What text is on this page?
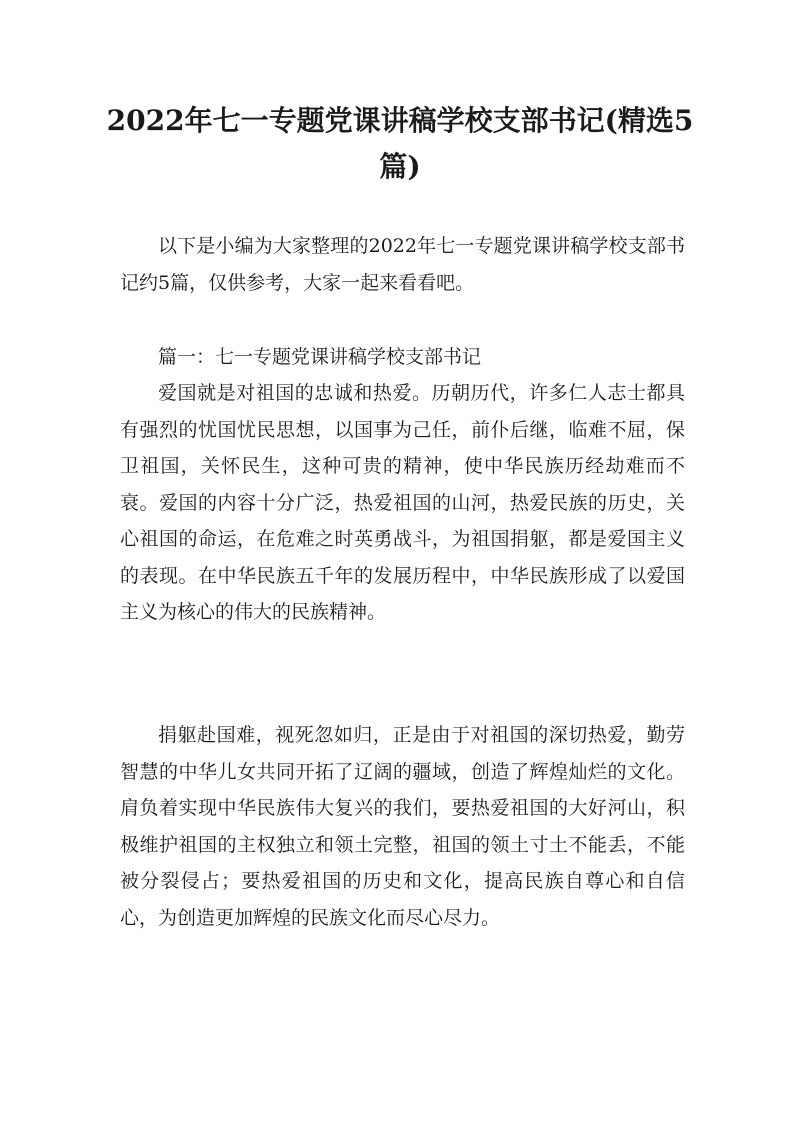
2022年七一专题党课讲稿学校支部书记(精选5篇)

以下是小编为大家整理的2022年七一专题党课讲稿学校支部书记约5篇，仅供参考，大家一起来看看吧。

篇一：七一专题党课讲稿学校支部书记

爱国就是对祖国的忠诚和热爱。历朝历代，许多仁人志士都具有强烈的忧国忧民思想，以国事为己任，前仆后继，临难不屈，保卫祖国，关怀民生，这种可贵的精神，使中华民族历经劫难而不衰。爱国的内容十分广泛，热爱祖国的山河，热爱民族的历史，关心祖国的命运，在危难之时英勇战斗，为祖国捐躯，都是爱国主义的表现。在中华民族五千年的发展历程中，中华民族形成了以爱国主义为核心的伟大的民族精神。

捐躯赴国难，视死忽如归，正是由于对祖国的深切热爱，勤劳智慧的中华儿女共同开拓了辽阔的疆域，创造了辉煌灿烂的文化。肩负着实现中华民族伟大复兴的我们，要热爱祖国的大好河山，积极维护祖国的主权独立和领土完整，祖国的领土寸土不能丢，不能被分裂侵占；要热爱祖国的历史和文化，提高民族自尊心和自信心，为创造更加辉煌的民族文化而尽心尽力。
